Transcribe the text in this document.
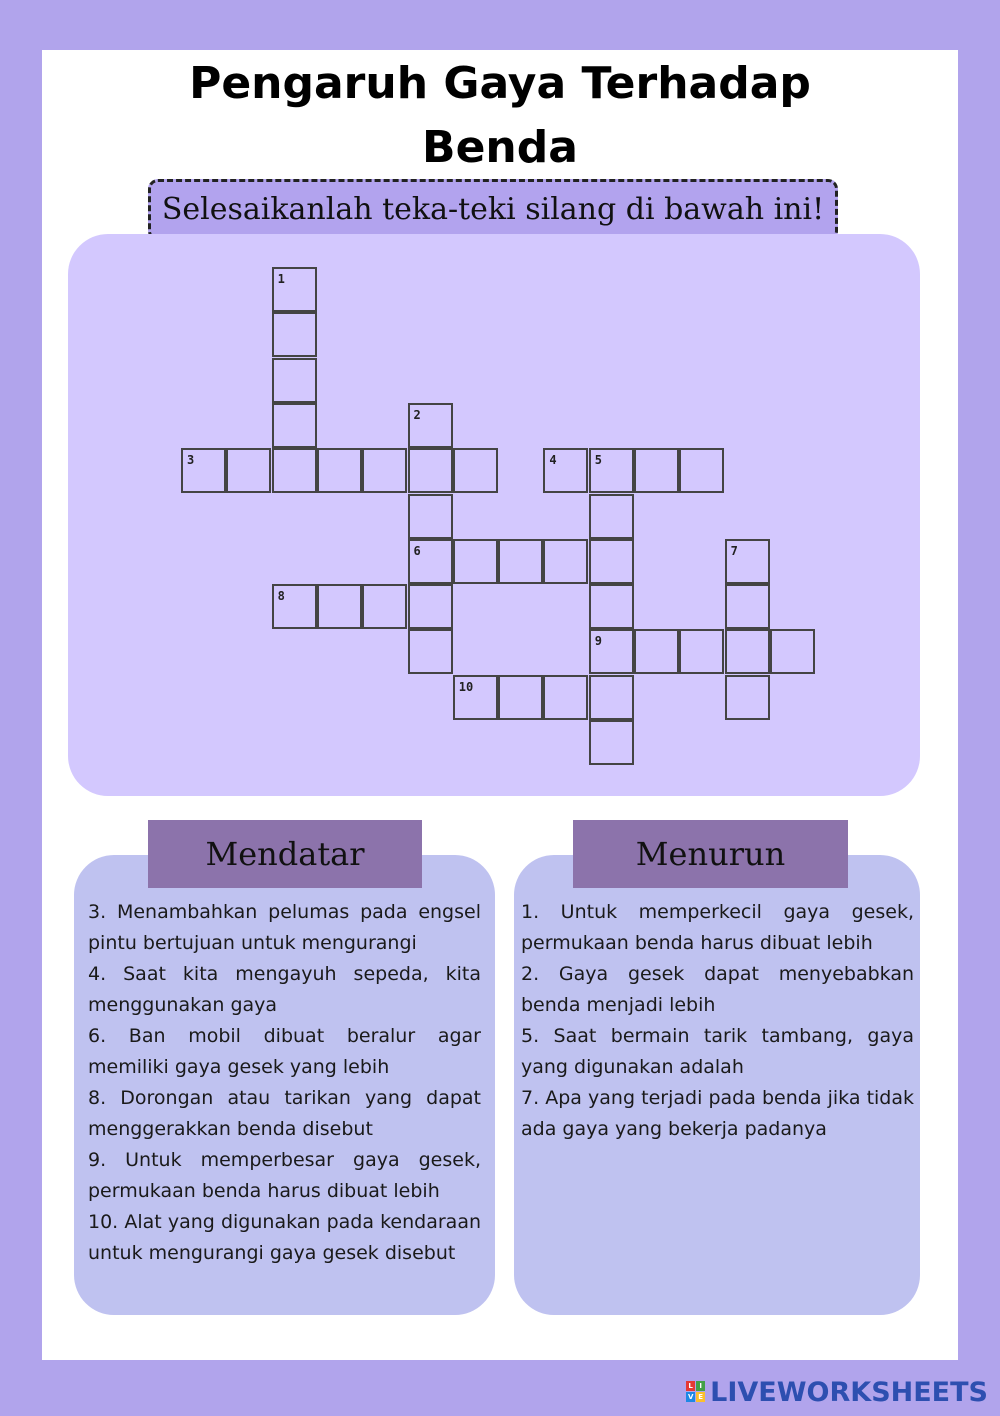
Pengaruh Gaya Terhadap
Benda
Selesaikanlah teka-teki silang di bawah ini!
1
3
2
6
4	5
9
7
8
10
Mendatar	Menurun
3. Menambahkan pelumas pada engsel pintu bertujuan untuk mengurangi
4. Saat kita mengayuh sepeda, kita menggunakan gaya
6. Ban mobil dibuat beralur agar memiliki gaya gesek yang lebih
8. Dorongan atau tarikan yang dapat menggerakkan benda disebut
9. Untuk memperbesar gaya gesek, permukaan benda harus dibuat lebih
10. Alat yang digunakan pada kendaraan untuk mengurangi gaya gesek disebut
1. Untuk memperkecil gaya gesek, permukaan benda harus dibuat lebih
2. Gaya gesek dapat menyebabkan benda menjadi lebih
5. Saat bermain tarik tambang, gaya yang digunakan adalah
7. Apa yang terjadi pada benda jika tidak ada gaya yang bekerja padanya
L I
V E LIVEWORKSHEETS
